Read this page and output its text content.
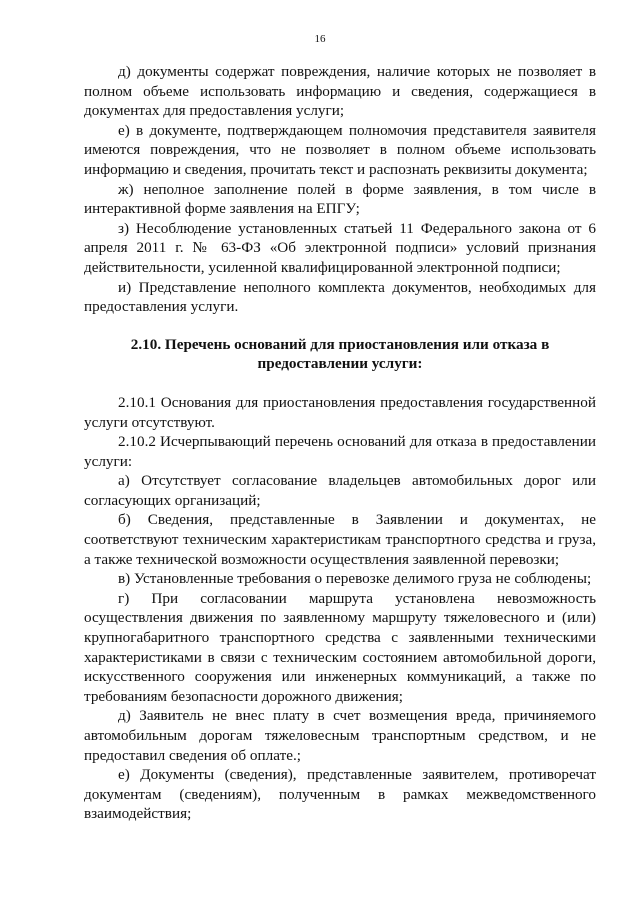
16

д) документы содержат повреждения, наличие которых не позволяет в полном объеме использовать информацию и сведения, содержащиеся в документах для предоставления услуги;

е) в документе, подтверждающем полномочия представителя заявителя имеются повреждения, что не позволяет в полном объеме использовать информацию и сведения, прочитать текст и распознать реквизиты документа;

ж) неполное заполнение полей в форме заявления, в том числе в интерактивной форме заявления на ЕПГУ;

з) Несоблюдение установленных статьей 11 Федерального закона от 6 апреля 2011 г. № 63-ФЗ «Об электронной подписи» условий признания действительности, усиленной квалифицированной электронной подписи;

и) Представление неполного комплекта документов, необходимых для предоставления услуги.

2.10. Перечень оснований для приостановления или отказа в предоставлении услуги:

2.10.1 Основания для приостановления предоставления государственной услуги отсутствуют.

2.10.2 Исчерпывающий перечень оснований для отказа в предоставлении услуги:

а) Отсутствует согласование владельцев автомобильных дорог или согласующих организаций;

б) Сведения, представленные в Заявлении и документах, не соответствуют техническим характеристикам транспортного средства и груза, а также технической возможности осуществления заявленной перевозки;

в) Установленные требования о перевозке делимого груза не соблюдены;

г) При согласовании маршрута установлена невозможность осуществления движения по заявленному маршруту тяжеловесного и (или) крупногабаритного транспортного средства с заявленными техническими характеристиками в связи с техническим состоянием автомобильной дороги, искусственного сооружения или инженерных коммуникаций, а также по требованиям безопасности дорожного движения;

д) Заявитель не внес плату в счет возмещения вреда, причиняемого автомобильным дорогам тяжеловесным транспортным средством, и не предоставил сведения об оплате.;

е) Документы (сведения), представленные заявителем, противоречат документам (сведениям), полученным в рамках межведомственного взаимодействия;
